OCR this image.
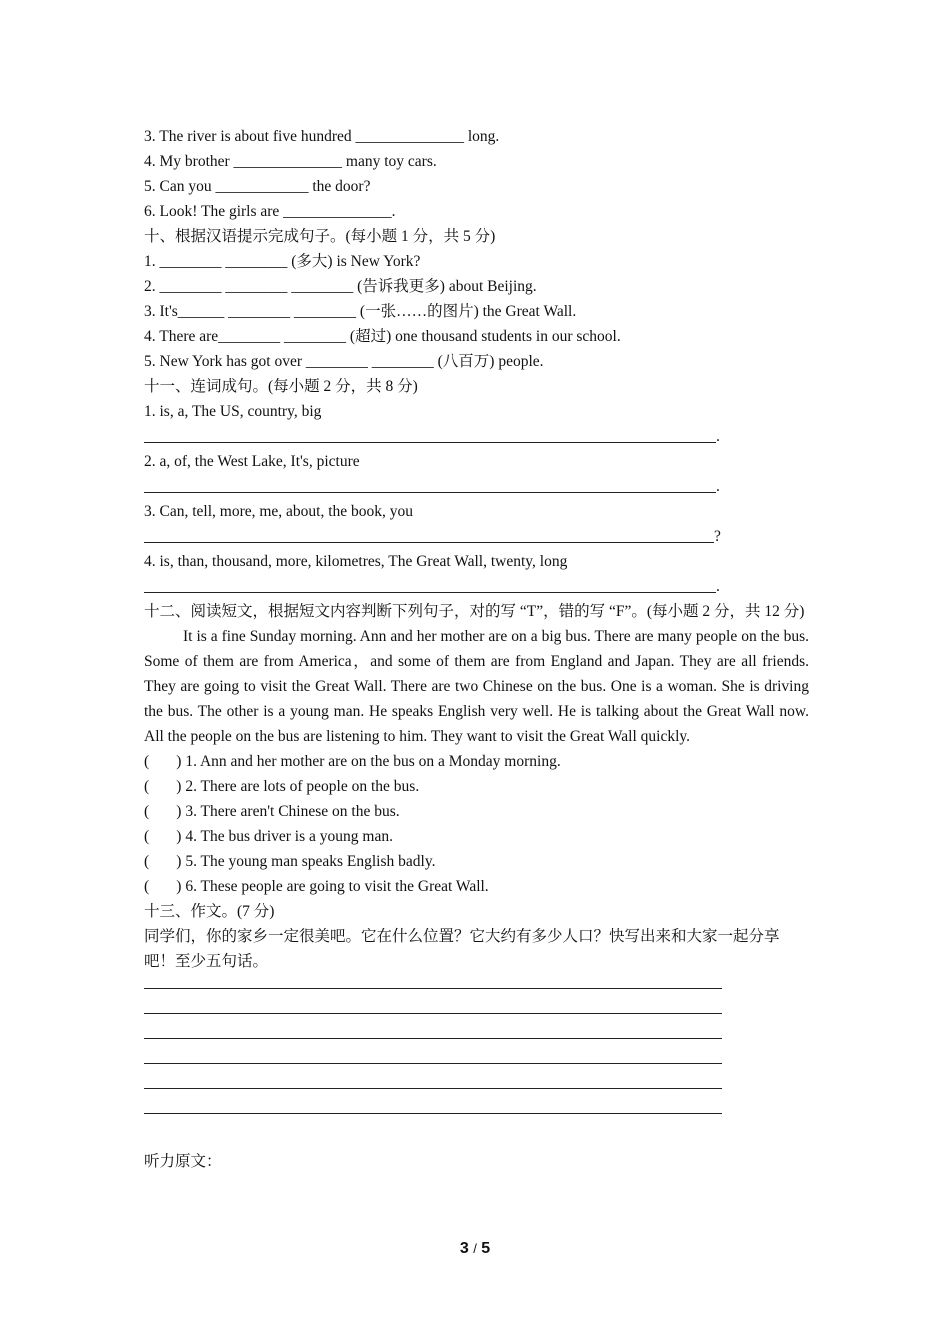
3. The river is about five hundred ______________ long.
4. My brother ______________ many toy cars.
5. Can you ____________ the door?
6. Look! The girls are ______________.
十、根据汉语提示完成句子。(每小题 1 分，共 5 分)
1. ________ ________ (多大) is New York?
2. ________ ________ ________ (告诉我更多) about Beijing.
3. It's______ ________ ________ (一张……的图片) the Great Wall.
4. There are________ ________ (超过) one thousand students in our school.
5. New York has got over ________ ________ (八百万) people.
十一、连词成句。(每小题 2 分，共 8 分)
1. is, a, The US, country, big
.
2. a, of, the West Lake, It's, picture
.
3. Can, tell, more, me, about, the book, you
?
4. is, than, thousand, more, kilometres, The Great Wall, twenty, long
.
十二、阅读短文，根据短文内容判断下列句子，对的写 “T”，错的写 “F”。(每小题 2 分，共 12 分)
It is a fine Sunday morning. Ann and her mother are on a big bus. There are many people on the bus. Some of them are from America，and some of them are from England and Japan. They are all friends. They are going to visit the Great Wall. There are two Chinese on the bus. One is a woman. She is driving the bus. The other is a young man. He speaks English very well. He is talking about the Great Wall now. All the people on the bus are listening to him. They want to visit the Great Wall quickly.
(       ) 1. Ann and her mother are on the bus on a Monday morning.
(       ) 2. There are lots of people on the bus.
(       ) 3. There aren't Chinese on the bus.
(       ) 4. The bus driver is a young man.
(       ) 5. The young man speaks English badly.
(       ) 6. These people are going to visit the Great Wall.
十三、作文。(7 分)
同学们，你的家乡一定很美吧。它在什么位置？它大约有多少人口？快写出来和大家一起分享吧！至少五句话。
听力原文：
3 / 5
